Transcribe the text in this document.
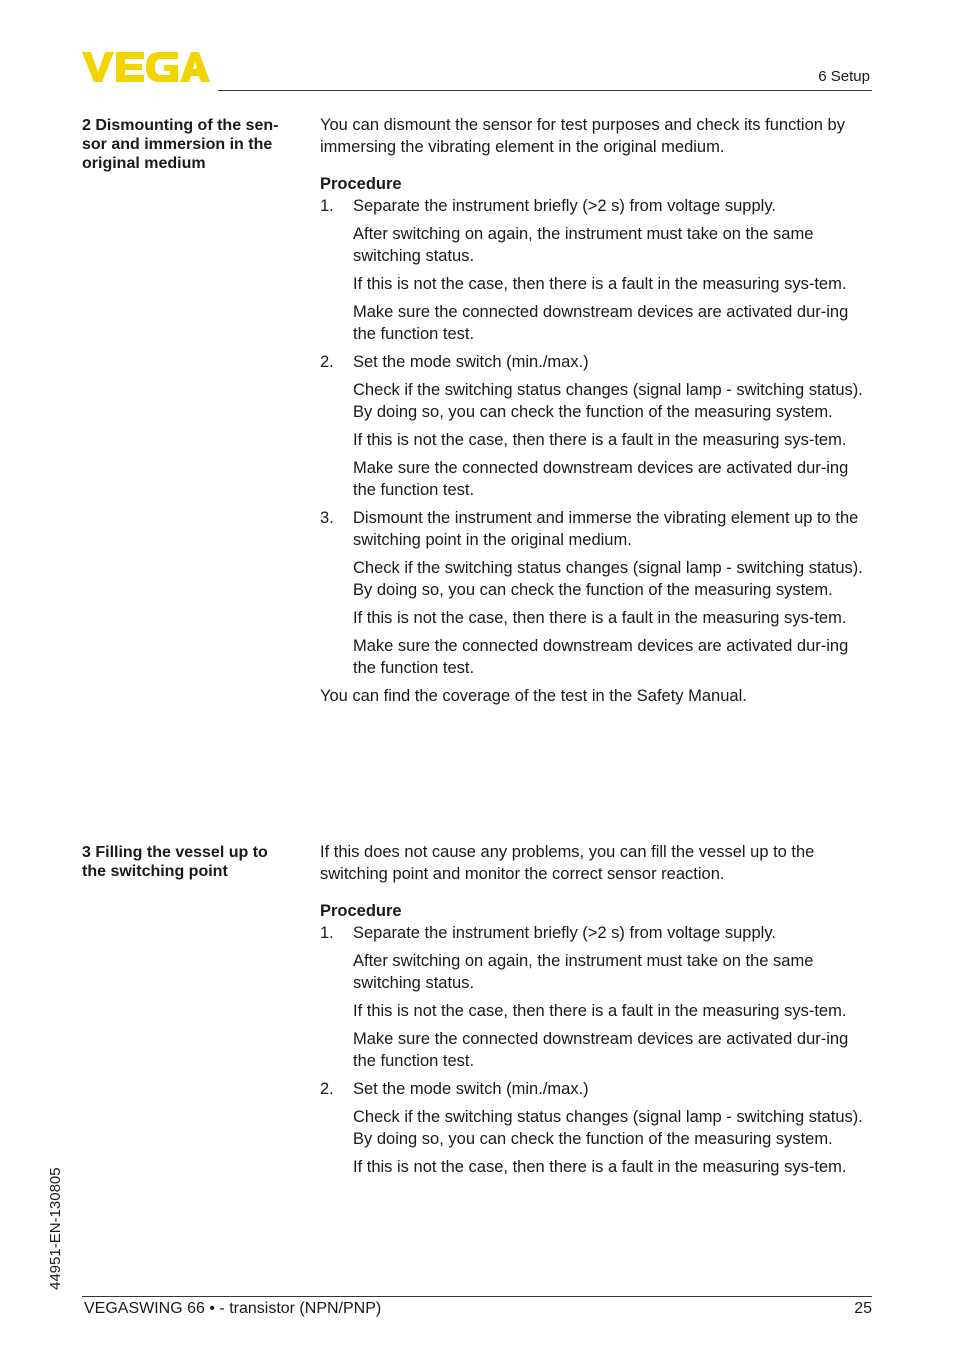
6 Setup
44951-EN-130805
2 Dismounting of the sen-
sor and immersion in the
original medium

You can dismount the sensor for test purposes and check its function by immersing the vibrating element in the original medium.

Procedure

1.	Separate the instrument briefly (>2 s) from voltage supply.

After switching on again, the instrument must take on the same switching status.

If this is not the case, then there is a fault in the measuring sys-tem.

Make sure the connected downstream devices are activated dur-ing the function test.

2.	Set the mode switch (min./max.)

Check if the switching status changes (signal lamp - switching status). By doing so, you can check the function of the measuring system.

If this is not the case, then there is a fault in the measuring sys-tem.

Make sure the connected downstream devices are activated dur-ing the function test.

3.	Dismount the instrument and immerse the vibrating element up to the switching point in the original medium.

Check if the switching status changes (signal lamp - switching status). By doing so, you can check the function of the measuring system.

If this is not the case, then there is a fault in the measuring sys-tem.

Make sure the connected downstream devices are activated dur-ing the function test.

You can find the coverage of the test in the Safety Manual.

3 Filling the vessel up to
the switching point

If this does not cause any problems, you can fill the vessel up to the switching point and monitor the correct sensor reaction.

Procedure

1.	Separate the instrument briefly (>2 s) from voltage supply.

After switching on again, the instrument must take on the same switching status.

If this is not the case, then there is a fault in the measuring sys-tem.

Make sure the connected downstream devices are activated dur-ing the function test.

2.	Set the mode switch (min./max.)

Check if the switching status changes (signal lamp - switching status). By doing so, you can check the function of the measuring system.

If this is not the case, then there is a fault in the measuring sys-tem.

VEGASWING 66 • - transistor (NPN/PNP)	25
